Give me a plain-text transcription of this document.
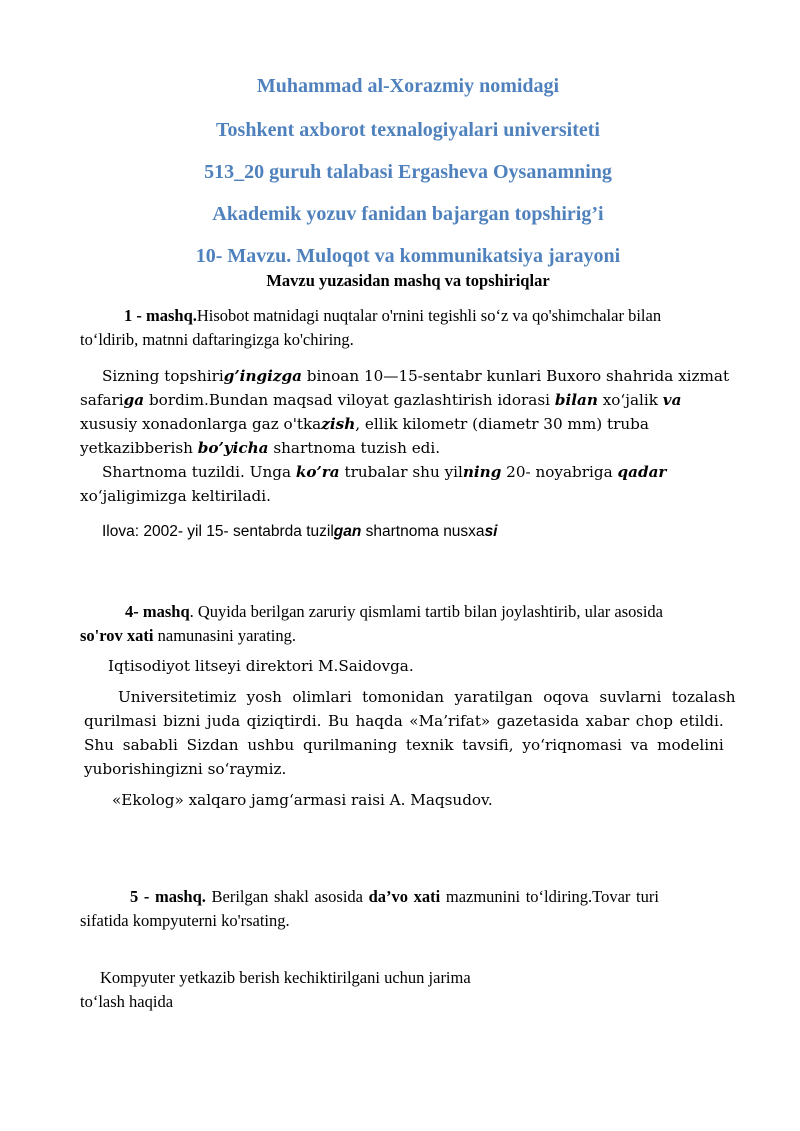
Muhammad al-Xorazmiy nomidagi
Toshkent axborot texnalogiyalari universiteti
513_20 guruh talabasi Ergasheva Oysanamning
Akademik yozuv fanidan bajargan topshirig’i
10- Mavzu. Muloqot va kommunikatsiya jarayoni
Mavzu yuzasidan mashq va topshiriqlar
1 - mashq.Hisobot matnidagi nuqtalar o'rnini tegishli so‘z va qo'shimchalar bilan
to‘ldirib, matnni daftaringizga ko'chiring.
Sizning topshirig’ingizga binoan 10—15-sentabr kunlari Buxoro shahrida xizmat
safariga bordim.Bundan maqsad viloyat gazlashtirish idorasi bilan xo‘jalik va
xususiy xonadonlarga gaz o'tkazish, ellik kilometr (diametr 30 mm) truba
yetkazibberish bo’yicha shartnoma tuzish edi.
Shartnoma tuzildi. Unga ko’ra trubalar shu yilning 20- noyabriga qadar
xo‘jaligimizga keltiriladi.
Ilova: 2002- yil 15- sentabrda tuzilgan shartnoma nusxasi
4- mashq. Quyida berilgan zaruriy qismlami tartib bilan joylashtirib, ular asosida
so'rov xati namunasini yarating.
Iqtisodiyot litseyi direktori M.Saidovga.
Universitetimiz yosh olimlari tomonidan yaratilgan oqova suvlarni tozalash
qurilmasi bizni juda qiziqtirdi. Bu haqda «Ma’rifat» gazetasida xabar chop etildi.
Shu sababli Sizdan ushbu qurilmaning texnik tavsifi, yo‘riqnomasi va modelini
yuborishingizni so‘raymiz.
«Ekolog» xalqaro jamg‘armasi raisi A. Maqsudov.
5 - mashq. Berilgan shakl asosida da’vo xati mazmunini to‘ldiring.Tovar turi
sifatida kompyuterni ko'rsating.
Kompyuter yetkazib berish kechiktirilgani uchun jarima
to‘lash haqida
